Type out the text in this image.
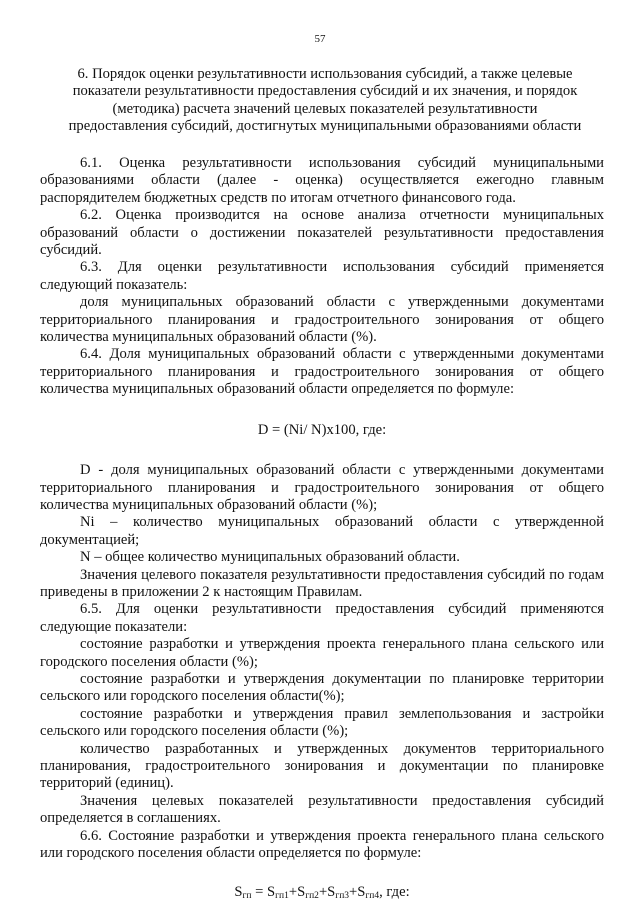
57
6. Порядок оценки результативности использования субсидий, а также целевые показатели результативности предоставления субсидий и их значения, и порядок (методика) расчета значений целевых показателей результативности предоставления субсидий, достигнутых муниципальными образованиями области

6.1. Оценка результативности использования субсидий муниципальными образованиями области (далее - оценка) осуществляется ежегодно главным распорядителем бюджетных средств по итогам отчетного финансового года.

6.2. Оценка производится на основе анализа отчетности муниципальных образований области о достижении показателей результативности предоставления субсидий.

6.3. Для оценки результативности использования субсидий применяется следующий показатель:

доля муниципальных образований области с утвержденными документами территориального планирования и градостроительного зонирования от общего количества муниципальных образований области (%).

6.4. Доля муниципальных образований области с утвержденными документами территориального планирования и градостроительного зонирования от общего количества муниципальных образований области определяется по формуле:

D = (Ni/ N)x100, где:

D - доля муниципальных образований области с утвержденными документами территориального планирования и градостроительного зонирования от общего количества муниципальных образований области (%);

Ni – количество муниципальных образований области с утвержденной документацией;

N – общее количество муниципальных образований области.

Значения целевого показателя результативности предоставления субсидий по годам приведены в приложении 2 к настоящим Правилам.

6.5. Для оценки результативности предоставления субсидий применяются следующие показатели:

состояние разработки и утверждения проекта генерального плана сельского или городского поселения области (%);

состояние разработки и утверждения документации по планировке территории сельского или городского поселения области(%);

состояние разработки и утверждения правил землепользования и застройки сельского или городского поселения области (%);

количество разработанных и утвержденных документов территориального планирования, градостроительного зонирования и документации по планировке территорий (единиц).

Значения целевых показателей результативности предоставления субсидий определяется в соглашениях.

6.6. Состояние разработки и утверждения проекта генерального плана сельского или городского поселения области определяется по формуле:

$S_{гп} = S_{гп1}+S_{гп2}+S_{гп3}+S_{гп4}$, где:
